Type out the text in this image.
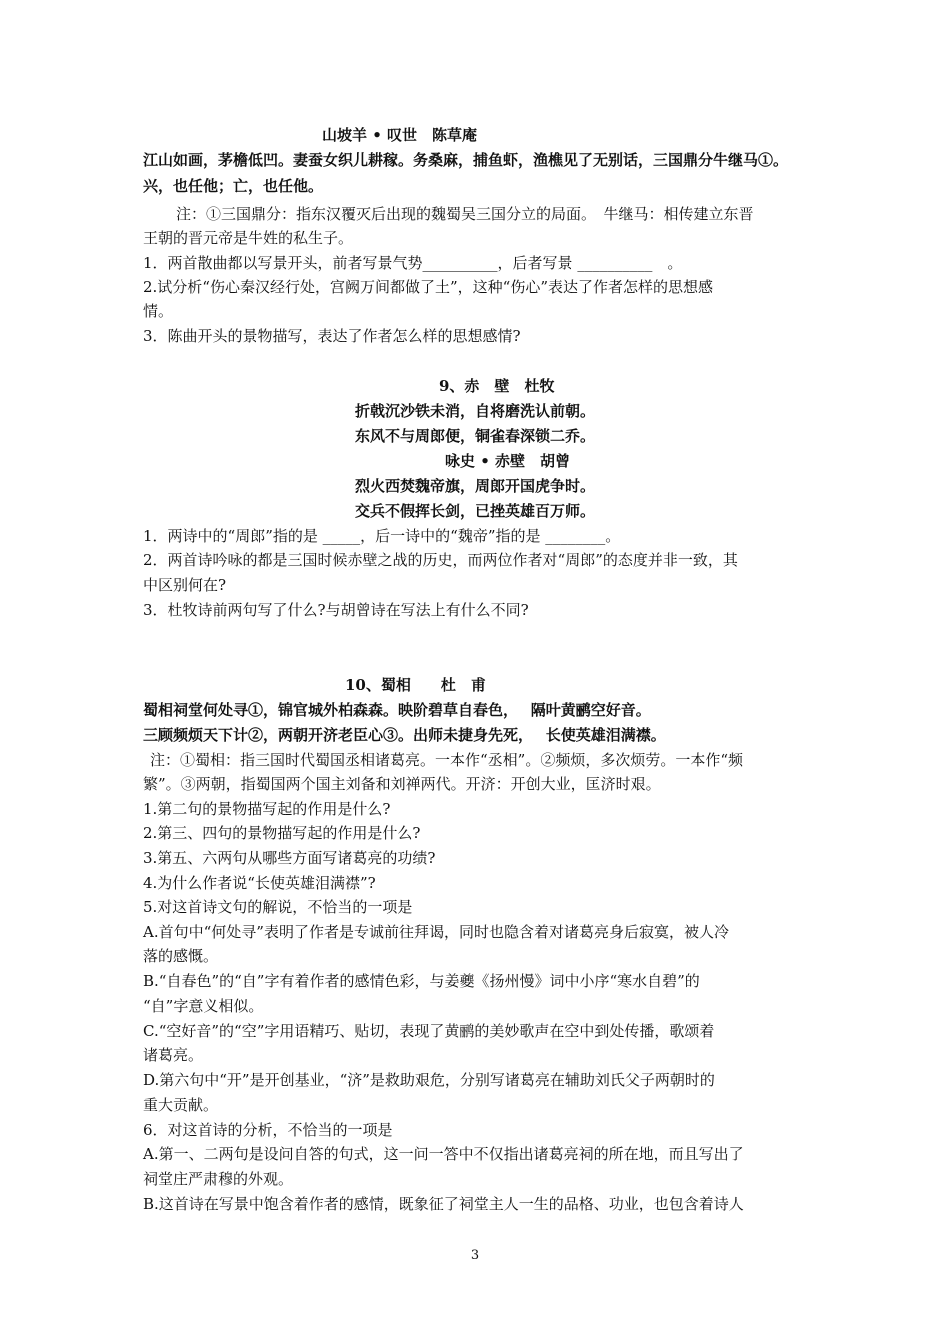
山坡羊 • 叹世　陈草庵
江山如画，茅檐低凹。妻蚕女织儿耕稼。务桑麻，捕鱼虾，渔樵见了无别话，三国鼎分牛继马①。
兴，也任他；亡，也任他。
注：①三国鼎分：指东汉覆灭后出现的魏蜀吴三国分立的局面。　牛继马：相传建立东晋
王朝的晋元帝是牛姓的私生子。
1．两首散曲都以写景开头，前者写景气势__________，后者写景 __________　。
2.试分析“伤心秦汉经行处，宫阙万间都做了土”，这种“伤心”表达了作者怎样的思想感
情。
3．陈曲开头的景物描写，表达了作者怎么样的思想感情?
9、赤　壁　杜牧
折戟沉沙铁未消，自将磨洗认前朝。
东风不与周郎便，铜雀春深锁二乔。
咏史 • 赤壁　胡曾
烈火西焚魏帝旗，周郎开国虎争时。
交兵不假挥长剑，已挫英雄百万师。
1．两诗中的“周郎”指的是 _____，后一诗中的“魏帝”指的是 ________。
2．两首诗吟咏的都是三国时候赤壁之战的历史，而两位作者对“周郎”的态度并非一致，其
中区别何在?
3．杜牧诗前两句写了什么?与胡曾诗在写法上有什么不同?
10、蜀相　　杜　甫
蜀相祠堂何处寻①，锦官城外柏森森。映阶碧草自春色，　 隔叶黄鹂空好音。
三顾频烦天下计②，两朝开济老臣心③。出师未捷身先死，　 长使英雄泪满襟。
注：①蜀相：指三国时代蜀国丞相诸葛亮。一本作“丞相”。②频烦，多次烦劳。一本作“频
繁”。③两朝，指蜀国两个国主刘备和刘禅两代。开济：开创大业，匡济时艰。
1.第二句的景物描写起的作用是什么?
2.第三、四句的景物描写起的作用是什么?
3.第五、六两句从哪些方面写诸葛亮的功绩?
4.为什么作者说“长使英雄泪满襟”?
5.对这首诗文句的解说，不恰当的一项是
A.首句中“何处寻”表明了作者是专诚前往拜谒，同时也隐含着对诸葛亮身后寂寞，被人冷
落的感慨。
B.“自春色”的“自”字有着作者的感情色彩，与姜夔《扬州慢》词中小序“寒水自碧”的
“自”字意义相似。
C.“空好音”的“空”字用语精巧、贴切，表现了黄鹂的美妙歌声在空中到处传播，歌颂着
诸葛亮。
D.第六句中“开”是开创基业，“济”是救助艰危，分别写诸葛亮在辅助刘氏父子两朝时的
重大贡献。
6．对这首诗的分析，不恰当的一项是
A.第一、二两句是设问自答的句式，这一问一答中不仅指出诸葛亮祠的所在地，而且写出了
祠堂庄严肃穆的外观。
B.这首诗在写景中饱含着作者的感情，既象征了祠堂主人一生的品格、功业，也包含着诗人
3
